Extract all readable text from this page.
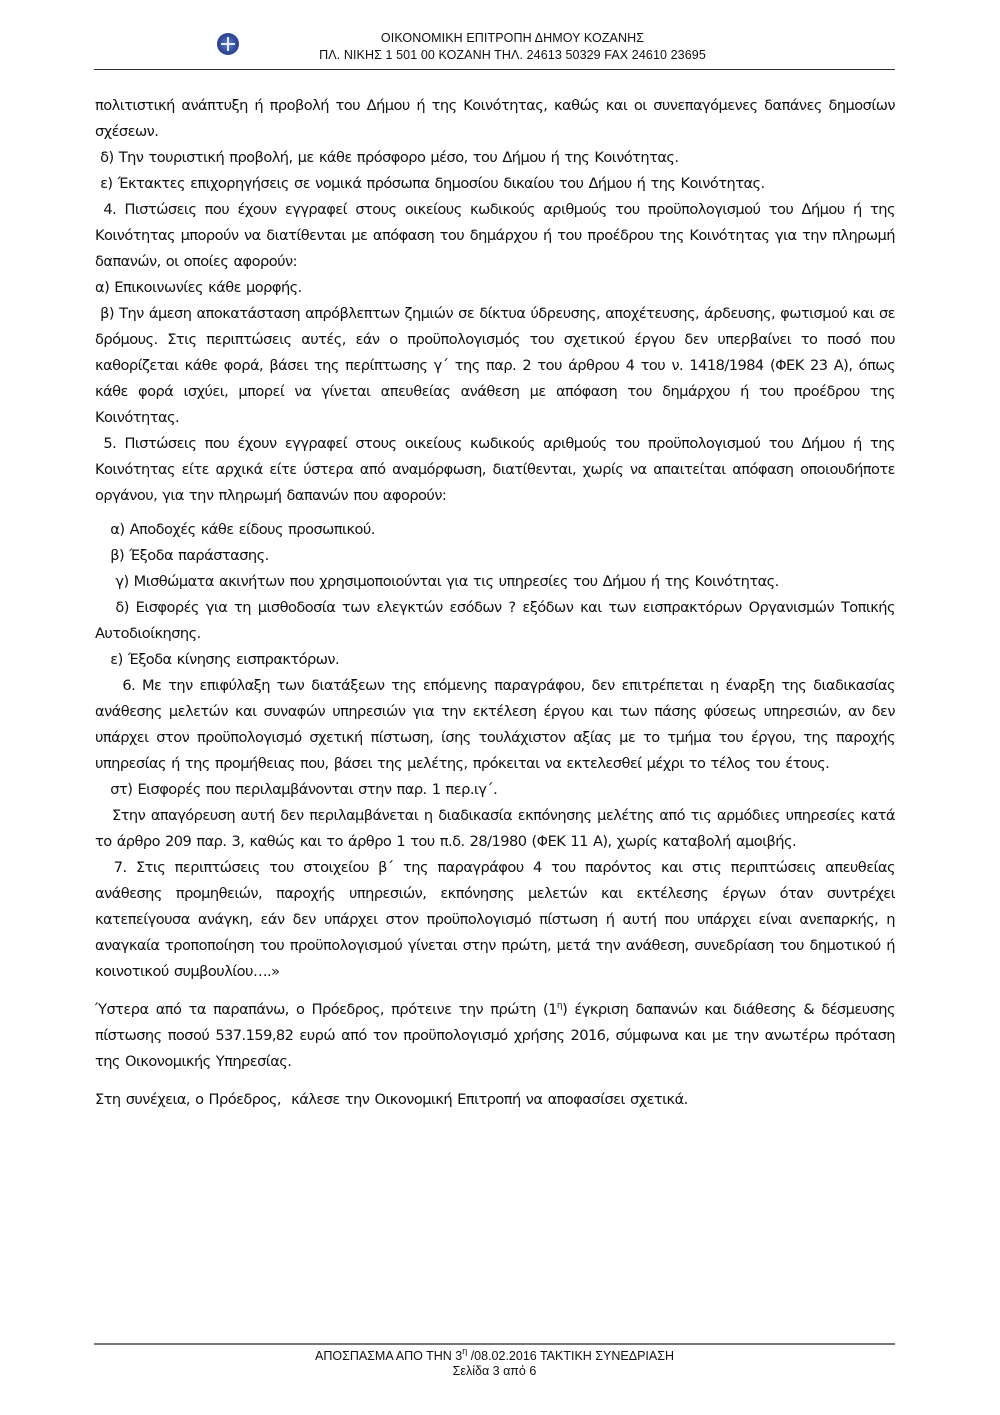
ΟΙΚΟΝΟΜΙΚΗ ΕΠΙΤΡΟΠΗ ΔΗΜΟΥ ΚΟΖΑΝΗΣ
ΠΛ. ΝΙΚΗΣ 1 501 00 ΚΟΖΑΝΗ ΤΗΛ. 24613 50329 FAX 24610 23695

πολιτιστική ανάπτυξη ή προβολή του Δήμου ή της Κοινότητας, καθώς και οι συνεπαγόμενες δαπάνες δημοσίων σχέσεων.

δ) Την τουριστική προβολή, με κάθε πρόσφορο μέσο, του Δήμου ή της Κοινότητας.

ε) Έκτακτες επιχορηγήσεις σε νομικά πρόσωπα δημοσίου δικαίου του Δήμου ή της Κοινότητας.

4. Πιστώσεις που έχουν εγγραφεί στους οικείους κωδικούς αριθμούς του προϋπολογισμού του Δήμου ή της Κοινότητας μπορούν να διατίθενται με απόφαση του δημάρχου ή του προέδρου της Κοινότητας για την πληρωμή δαπανών, οι οποίες αφορούν:

α) Επικοινωνίες κάθε μορφής.

β) Την άμεση αποκατάσταση απρόβλεπτων ζημιών σε δίκτυα ύδρευσης, αποχέτευσης, άρδευσης, φωτισμού και σε δρόμους. Στις περιπτώσεις αυτές, εάν ο προϋπολογισμός του σχετικού έργου δεν υπερβαίνει το ποσό που καθορίζεται κάθε φορά, βάσει της περίπτωσης γ΄ της παρ. 2 του άρθρου 4 του ν. 1418/1984 (ΦΕΚ 23 Α), όπως κάθε φορά ισχύει, μπορεί να γίνεται απευθείας ανάθεση με απόφαση του δημάρχου ή του προέδρου της Κοινότητας.

5. Πιστώσεις που έχουν εγγραφεί στους οικείους κωδικούς αριθμούς του προϋπολογισμού του Δήμου ή της Κοινότητας είτε αρχικά είτε ύστερα από αναμόρφωση, διατίθενται, χωρίς να απαιτείται απόφαση οποιουδήποτε οργάνου, για την πληρωμή δαπανών που αφορούν:

α) Αποδοχές κάθε είδους προσωπικού.

β) Έξοδα παράστασης.

γ) Μισθώματα ακινήτων που χρησιμοποιούνται για τις υπηρεσίες του Δήμου ή της Κοινότητας.

δ) Εισφορές για τη μισθοδοσία των ελεγκτών εσόδων ? εξόδων και των εισπρακτόρων Οργανισμών Τοπικής Αυτοδιοίκησης.

ε) Έξοδα κίνησης εισπρακτόρων.

6. Με την επιφύλαξη των διατάξεων της επόμενης παραγράφου, δεν επιτρέπεται η έναρξη της διαδικασίας ανάθεσης μελετών και συναφών υπηρεσιών για την εκτέλεση έργου και των πάσης φύσεως υπηρεσιών, αν δεν υπάρχει στον προϋπολογισμό σχετική πίστωση, ίσης τουλάχιστον αξίας με το τμήμα του έργου, της παροχής υπηρεσίας ή της προμήθειας που, βάσει της μελέτης, πρόκειται να εκτελεσθεί μέχρι το τέλος του έτους.

στ) Εισφορές που περιλαμβάνονται στην παρ. 1 περ.ιγ΄.

Στην απαγόρευση αυτή δεν περιλαμβάνεται η διαδικασία εκπόνησης μελέτης από τις αρμόδιες υπηρεσίες κατά το άρθρο 209 παρ. 3, καθώς και το άρθρο 1 του π.δ. 28/1980 (ΦΕΚ 11 Α), χωρίς καταβολή αμοιβής.

7. Στις περιπτώσεις του στοιχείου β΄ της παραγράφου 4 του παρόντος και στις περιπτώσεις απευθείας ανάθεσης προμηθειών, παροχής υπηρεσιών, εκπόνησης μελετών και εκτέλεσης έργων όταν συντρέχει κατεπείγουσα ανάγκη, εάν δεν υπάρχει στον προϋπολογισμό πίστωση ή αυτή που υπάρχει είναι ανεπαρκής, η αναγκαία τροποποίηση του προϋπολογισμού γίνεται στην πρώτη, μετά την ανάθεση, συνεδρίαση του δημοτικού ή κοινοτικού συμβουλίου….»

Ύστερα από τα παραπάνω, ο Πρόεδρος, πρότεινε την πρώτη $(1^\eta)$ έγκριση δαπανών και διάθεσης & δέσμευσης πίστωσης ποσού 537.159,82 ευρώ από τον προϋπολογισμό χρήσης 2016, σύμφωνα και με την ανωτέρω πρόταση της Οικονομικής Υπηρεσίας.

Στη συνέχεια, ο Πρόεδρος,  κάλεσε την Οικονομική Επιτροπή να αποφασίσει σχετικά.

ΑΠΟΣΠΑΣΜΑ ΑΠΟ ΤΗΝ $3^\eta$ /08.02.2016 ΤΑΚΤΙΚΗ ΣΥΝΕΔΡΙΑΣΗ
Σελίδα 3 από 6
